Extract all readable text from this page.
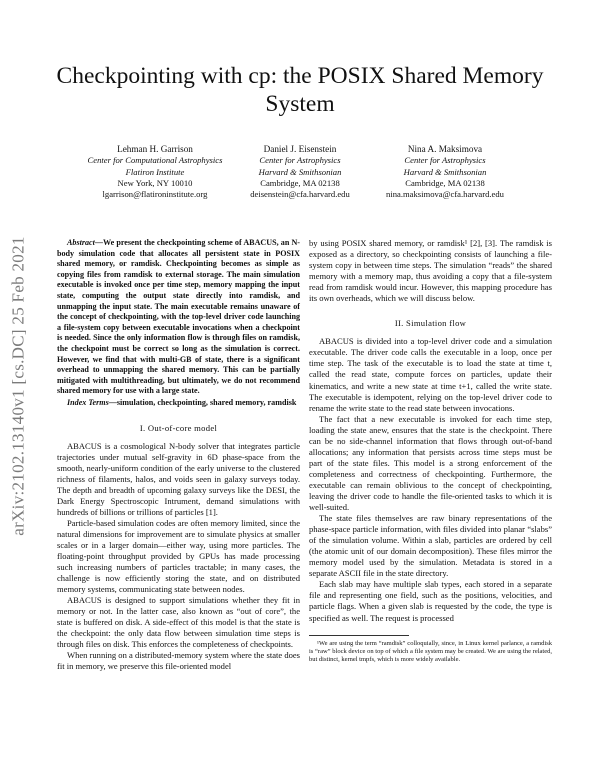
arXiv:2102.13140v1 [cs.DC] 25 Feb 2021
Checkpointing with cp: the POSIX Shared Memory System
Lehman H. Garrison
Center for Computational Astrophysics
Flatiron Institute
New York, NY 10010
lgarrison@flatironinstitute.org
Daniel J. Eisenstein
Center for Astrophysics
Harvard & Smithsonian
Cambridge, MA 02138
deisenstein@cfa.harvard.edu
Nina A. Maksimova
Center for Astrophysics
Harvard & Smithsonian
Cambridge, MA 02138
nina.maksimova@cfa.harvard.edu

Abstract—We present the checkpointing scheme of ABACUS, an N-body simulation code that allocates all persistent state in POSIX shared memory, or ramdisk. Checkpointing becomes as simple as copying files from ramdisk to external storage. The main simulation executable is invoked once per time step, memory mapping the input state, computing the output state directly into ramdisk, and unmapping the input state. The main executable remains unaware of the concept of checkpointing, with the top-level driver code launching a file-system copy between executable invocations when a checkpoint is needed. Since the only information flow is through files on ramdisk, the checkpoint must be correct so long as the simulation is correct. However, we find that with multi-GB of state, there is a significant overhead to unmapping the shared memory. This can be partially mitigated with multithreading, but ultimately, we do not recommend shared memory for use with a large state.

Index Terms—simulation, checkpointing, shared memory, ramdisk

I. Out-of-core model

ABACUS is a cosmological N-body solver that integrates particle trajectories under mutual self-gravity in 6D phase-space from the smooth, nearly-uniform condition of the early universe to the clustered richness of filaments, halos, and voids seen in galaxy surveys today. The depth and breadth of upcoming galaxy surveys like the DESI, the Dark Energy Spectroscopic Intrument, demand simulations with hundreds of billions or trillions of particles [1].

Particle-based simulation codes are often memory limited, since the natural dimensions for improvement are to simulate physics at smaller scales or in a larger domain—either way, using more particles. The floating-point throughput provided by GPUs has made processing such increasing numbers of particles tractable; in many cases, the challenge is now efficiently storing the state, and on distributed memory systems, communicating state between nodes.

ABACUS is designed to support simulations whether they fit in memory or not. In the latter case, also known as “out of core”, the state is buffered on disk. A side-effect of this model is that the state is the checkpoint: the only data flow between simulation time steps is through files on disk. This enforces the completeness of checkpoints.

When running on a distributed-memory system where the state does fit in memory, we preserve this file-oriented model

by using POSIX shared memory, or ramdisk¹ [2], [3]. The ramdisk is exposed as a directory, so checkpointing consists of launching a file-system copy in between time steps. The simulation “reads” the shared memory with a memory map, thus avoiding a copy that a file-system read from ramdisk would incur. However, this mapping procedure has its own overheads, which we will discuss below.

II. Simulation flow

ABACUS is divided into a top-level driver code and a simulation executable. The driver code calls the executable in a loop, once per time step. The task of the executable is to load the state at time t, called the read state, compute forces on particles, update their kinematics, and write a new state at time t+1, called the write state. The executable is idempotent, relying on the top-level driver code to rename the write state to the read state between invocations.

The fact that a new executable is invoked for each time step, loading the state anew, ensures that the state is the checkpoint. There can be no side-channel information that flows through out-of-band allocations; any information that persists across time steps must be part of the state files. This model is a strong enforcement of the completeness and correctness of checkpointing. Furthermore, the executable can remain oblivious to the concept of checkpointing, leaving the driver code to handle the file-oriented tasks to which it is well-suited.

The state files themselves are raw binary representations of the phase-space particle information, with files divided into planar “slabs” of the simulation volume. Within a slab, particles are ordered by cell (the atomic unit of our domain decomposition). These files mirror the memory model used by the simulation. Metadata is stored in a separate ASCII file in the state directory.

Each slab may have multiple slab types, each stored in a separate file and representing one field, such as the positions, velocities, and particle flags. When a given slab is requested by the code, the type is specified as well. The request is processed

¹We are using the term “ramdisk” colloquially, since, in Linux kernel parlance, a ramdisk is “raw” block device on top of which a file system may be created. We are using the related, but distinct, kernel tmpfs, which is more widely available.
